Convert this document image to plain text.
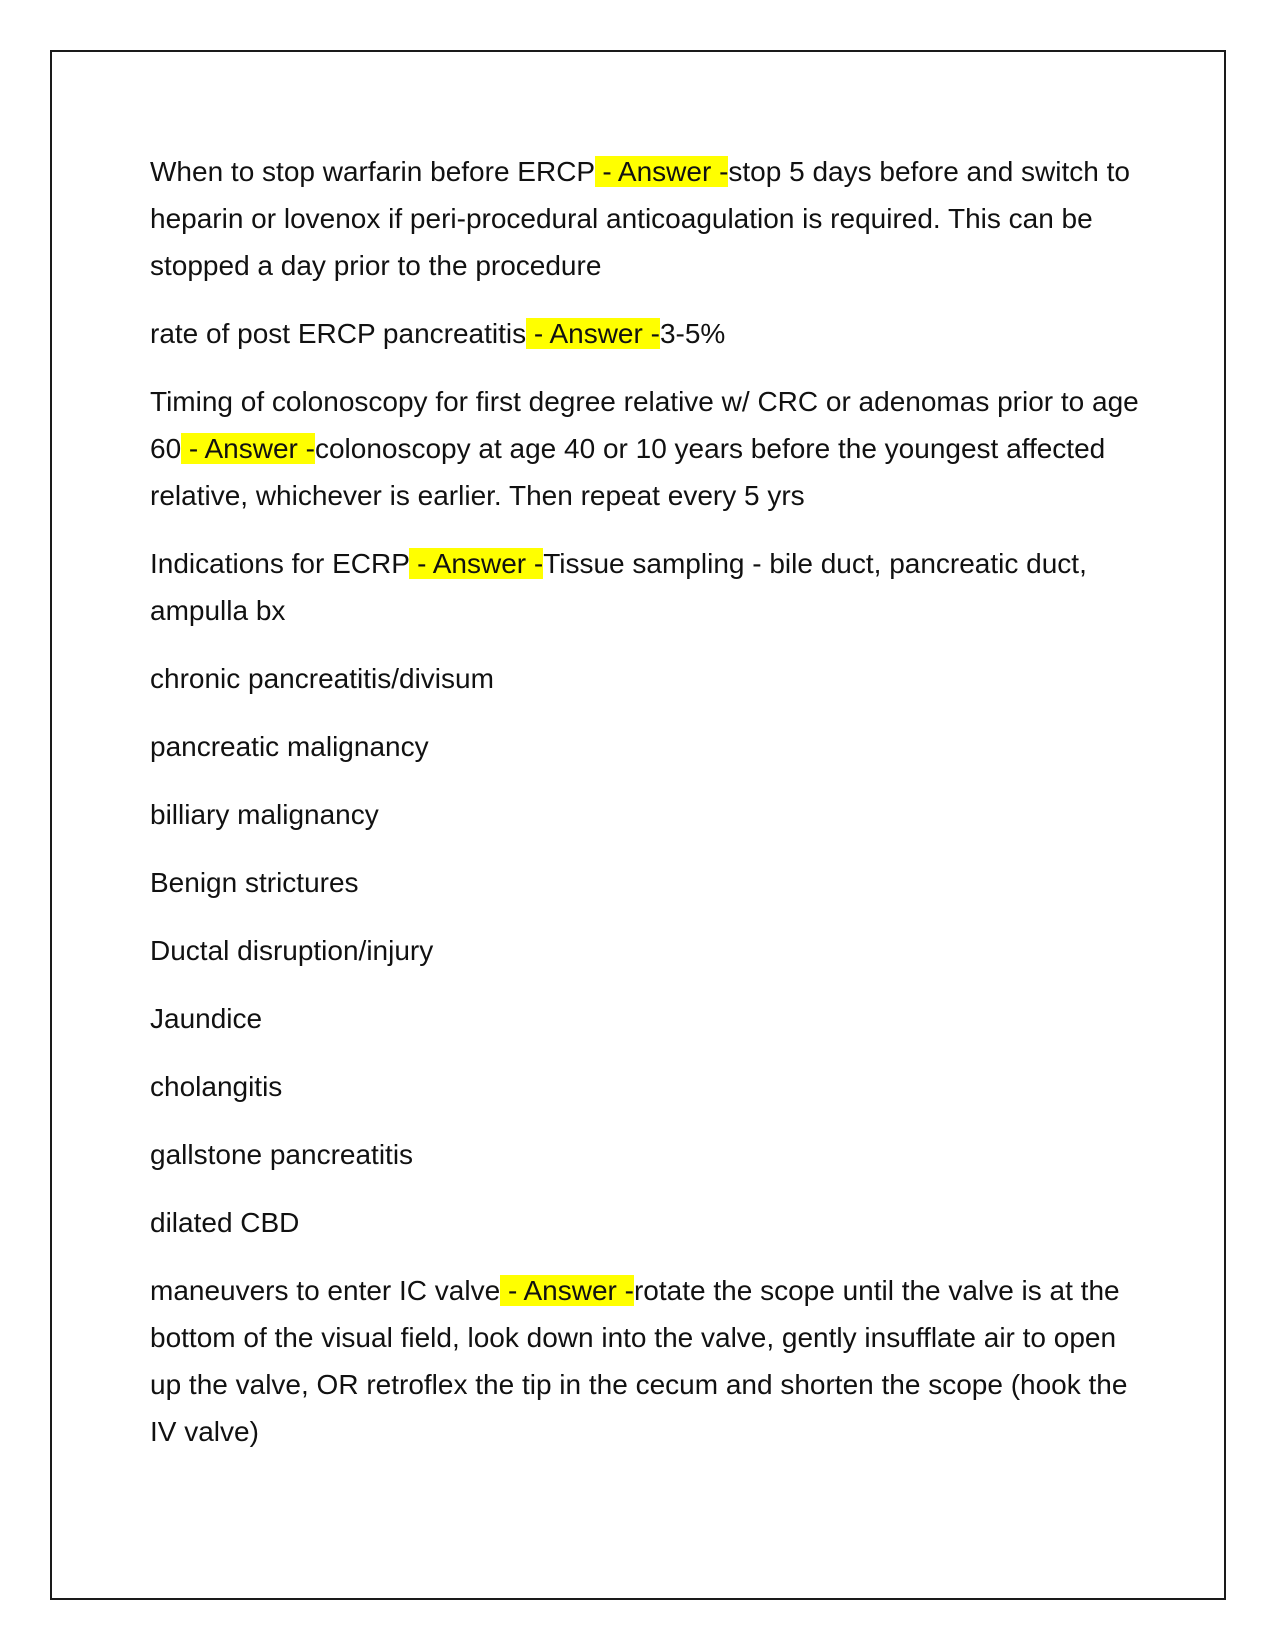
When to stop warfarin before ERCP - Answer -stop 5 days before and switch to heparin or lovenox if peri-procedural anticoagulation is required. This can be stopped a day prior to the procedure

rate of post ERCP pancreatitis - Answer -3-5%

Timing of colonoscopy for first degree relative w/ CRC or adenomas prior to age 60 - Answer -colonoscopy at age 40 or 10 years before the youngest affected relative, whichever is earlier. Then repeat every 5 yrs

Indications for ECRP - Answer -Tissue sampling - bile duct, pancreatic duct, ampulla bx

chronic pancreatitis/divisum

pancreatic malignancy

billiary malignancy

Benign strictures

Ductal disruption/injury

Jaundice

cholangitis

gallstone pancreatitis

dilated CBD

maneuvers to enter IC valve - Answer -rotate the scope until the valve is at the bottom of the visual field, look down into the valve, gently insufflate air to open up the valve, OR retroflex the tip in the cecum and shorten the scope (hook the IV valve)
